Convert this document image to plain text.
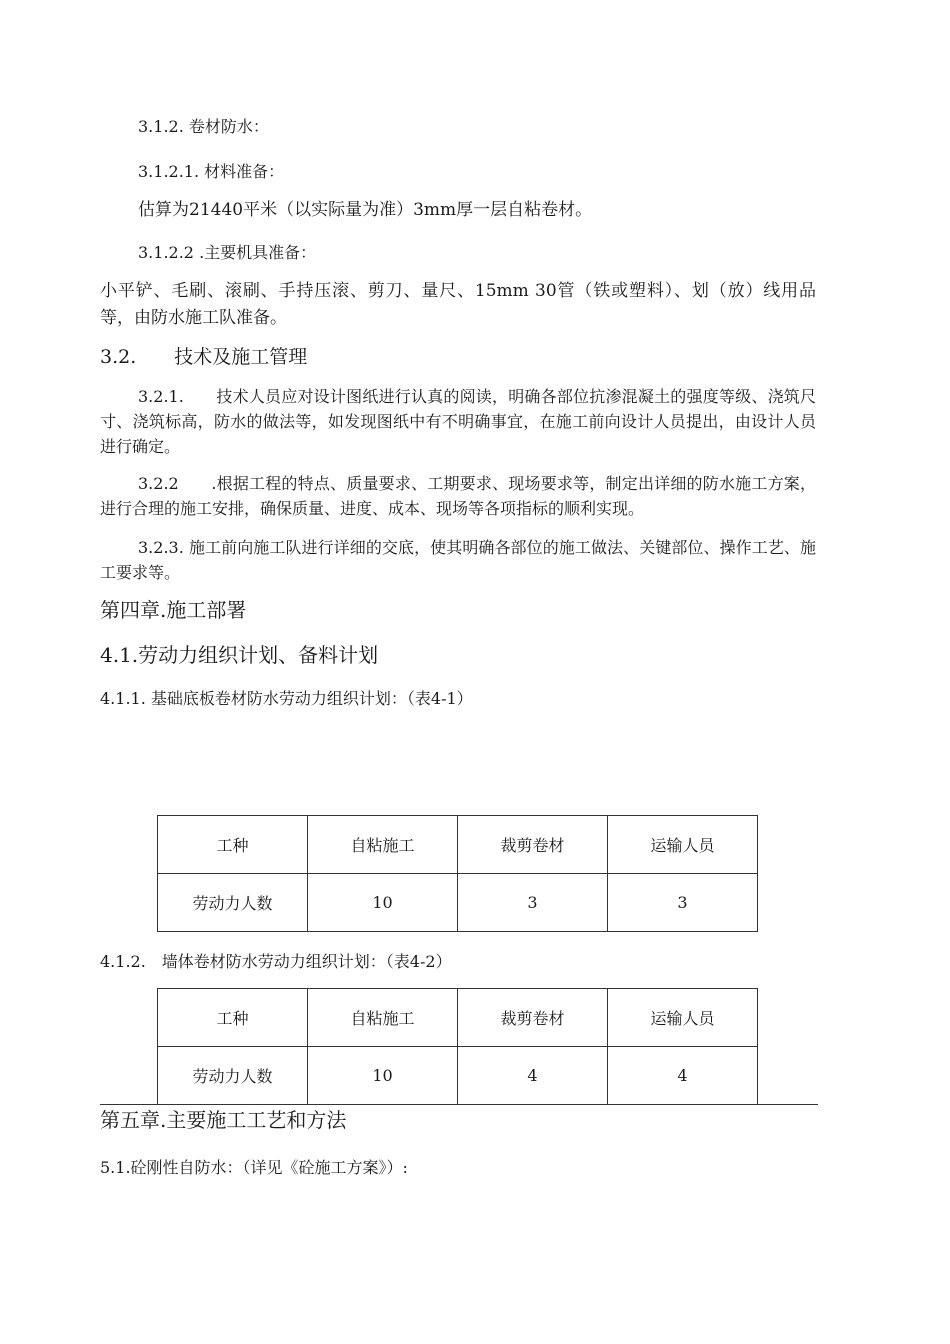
3.1.2. 卷材防水：
3.1.2.1. 材料准备：
估算为21440平米（以实际量为准）3mm厚一层自粘卷材。
3.1.2.2 .主要机具准备：
小平铲、毛刷、滚刷、手持压滚、剪刀、量尺、15mm 30管（铁或塑料）、划（放）线用品等，由防水施工队准备。
3.2.　　技术及施工管理
3.2.1.　　技术人员应对设计图纸进行认真的阅读，明确各部位抗渗混凝土的强度等级、浇筑尺寸、浇筑标高，防水的做法等，如发现图纸中有不明确事宜，在施工前向设计人员提出，由设计人员进行确定。
3.2.2　　.根据工程的特点、质量要求、工期要求、现场要求等，制定出详细的防水施工方案，进行合理的施工安排，确保质量、进度、成本、现场等各项指标的顺利实现。
3.2.3. 施工前向施工队进行详细的交底，使其明确各部位的施工做法、关键部位、操作工艺、施工要求等。
第四章.施工部署
4.1.劳动力组织计划、备料计划
4.1.1. 基础底板卷材防水劳动力组织计划：（表4-1）
工种	自粘施工	裁剪卷材	运输人员
劳动力人数	10	3	3
4.1.2.　墙体卷材防水劳动力组织计划：（表4-2）
工种	自粘施工	裁剪卷材	运输人员
劳动力人数	10	4	4
第五章.主要施工工艺和方法
5.1.砼刚性自防水：（详见《砼施工方案》）:
